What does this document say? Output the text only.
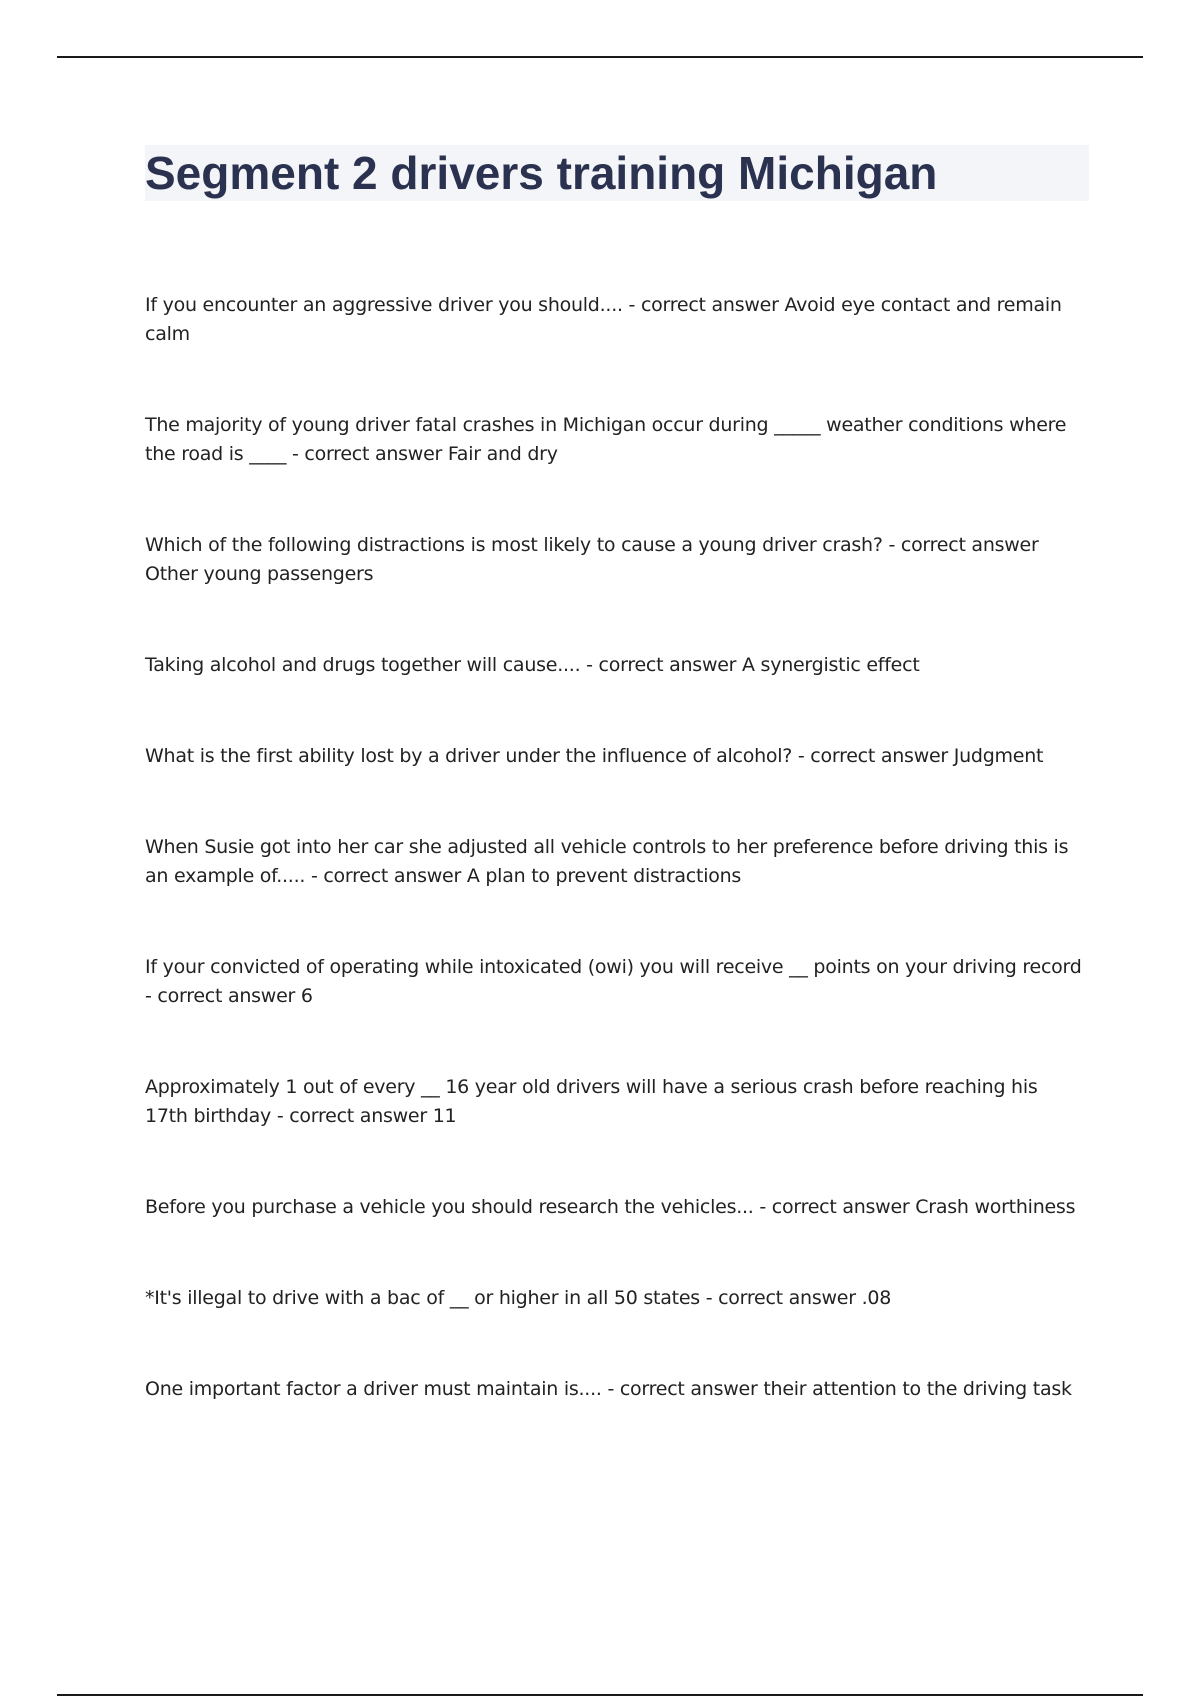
Segment 2 drivers training Michigan
If you encounter an aggressive driver you should.... - correct answer Avoid eye contact and remain calm
The majority of young driver fatal crashes in Michigan occur during _____ weather conditions where the road is ____ - correct answer Fair and dry
Which of the following distractions is most likely to cause a young driver crash? - correct answer Other young passengers
Taking alcohol and drugs together will cause.... - correct answer A synergistic effect
What is the first ability lost by a driver under the influence of alcohol? - correct answer Judgment
When Susie got into her car she adjusted all vehicle controls to her preference before driving this is an example of..... - correct answer A plan to prevent distractions
If your convicted of operating while intoxicated (owi) you will receive __ points on your driving record - correct answer 6
Approximately 1 out of every __ 16 year old drivers will have a serious crash before reaching his 17th birthday - correct answer 11
Before you purchase a vehicle you should research the vehicles... - correct answer Crash worthiness
*It's illegal to drive with a bac of __ or higher in all 50 states - correct answer .08
One important factor a driver must maintain is.... - correct answer their attention to the driving task
